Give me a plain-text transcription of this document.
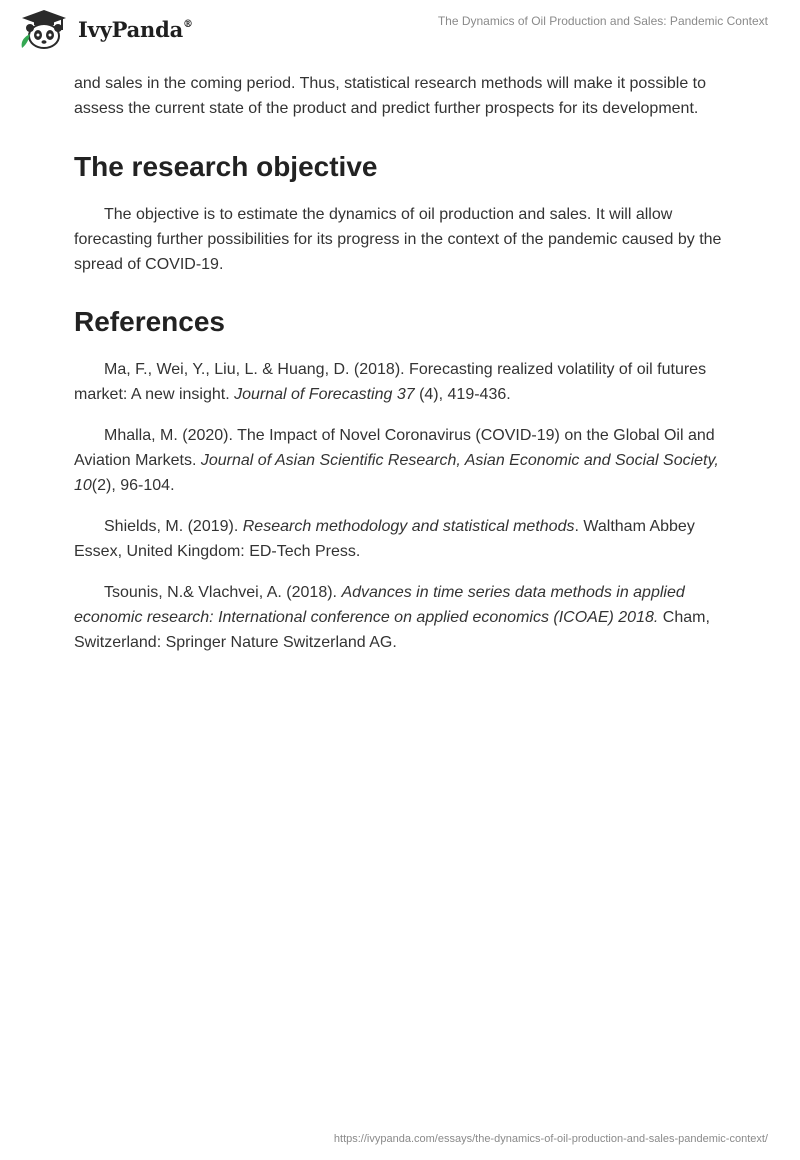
IvyPanda®	The Dynamics of Oil Production and Sales: Pandemic Context

and sales in the coming period. Thus, statistical research methods will make it possible to assess the current state of the product and predict further prospects for its development.

The research objective

The objective is to estimate the dynamics of oil production and sales. It will allow forecasting further possibilities for its progress in the context of the pandemic caused by the spread of COVID-19.

References

Ma, F., Wei, Y., Liu, L. & Huang, D. (2018). Forecasting realized volatility of oil futures market: A new insight. Journal of Forecasting 37 (4), 419-436.

Mhalla, M. (2020). The Impact of Novel Coronavirus (COVID-19) on the Global Oil and Aviation Markets. Journal of Asian Scientific Research, Asian Economic and Social Society, 10(2), 96-104.

Shields, M. (2019). Research methodology and statistical methods. Waltham Abbey Essex, United Kingdom: ED-Tech Press.

Tsounis, N.& Vlachvei, A. (2018). Advances in time series data methods in applied economic research: International conference on applied economics (ICOAE) 2018. Cham, Switzerland: Springer Nature Switzerland AG.

https://ivypanda.com/essays/the-dynamics-of-oil-production-and-sales-pandemic-context/
